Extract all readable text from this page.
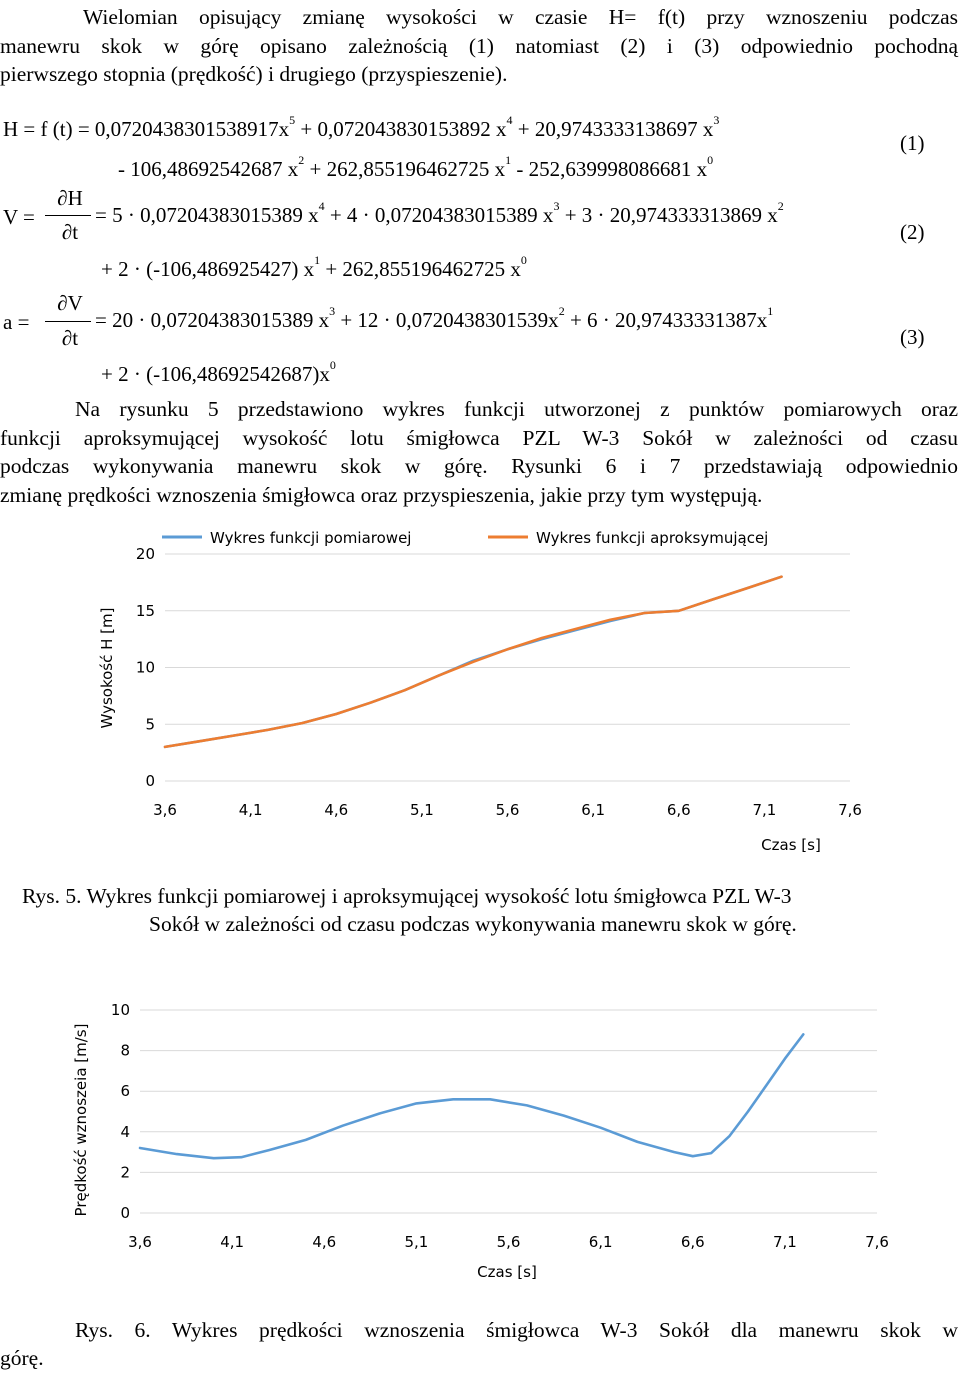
Wielomian opisujący zmianę wysokości w czasie H= f(t) przy wznoszeniu podczas
manewru skok w górę opisano zależnością (1) natomiast (2) i (3) odpowiednio pochodną
pierwszego stopnia (prędkość) i drugiego (przyspieszenie).
H = f $(t) = 0,0720438301538917x^5 + 0,072043830153892$ $x^4 + 20,9743333138697$ $x^3$
- 106,48692542687 $x^2 + 262,855196462725$ $x^1 - 252,639998086681$ $x^0$
(1)
V =
∂H
∂t
= 5 · 0,07204383015389 $x^4 + 4 \cdot 0,07204383015389$ $x^3 + 3 \cdot 20,974333313869$ $x^2$
+ 2 · (-106,486925427) $x^1 + 262,855196462725$ $x^0$
(2)
a =
∂V
∂t
= 20 · 0,07204383015389 $x^3 + 12 \cdot 0,0720438301539x^2 + 6 \cdot 20,97433331387x^1$
+ $2 \cdot (-106,48692542687)x^0$
(3)
Na rysunku 5 przedstawiono wykres funkcji utworzonej z punktów pomiarowych oraz
funkcji aproksymującej wysokość lotu śmigłowca PZL W-3 Sokół w zależności od czasu
podczas wykonywania manewru skok w górę. Rysunki 6 i 7 przedstawiają odpowiednio
zmianę prędkości wznoszenia śmigłowca oraz przyspieszenia, jakie przy tym występują.
0
5
10
15
20
3,6	4,1	4,6	5,1	5,6	6,1	6,6	7,1	7,6
Czas [s]
Wysokość H [m]
Wykres funkcji pomiarowej	Wykres funkcji aproksymującej
Rys. 5. Wykres funkcji pomiarowej i aproksymującej wysokość lotu śmigłowca PZL W-3
Sokół w zależności od czasu podczas wykonywania manewru skok w górę.
0
2
4
6
8
10
3,6	4,1	4,6	5,1	5,6	6,1	6,6	7,1	7,6
Czas [s]
Prędkość wznoszeia [m/s]
Rys. 6. Wykres prędkości wznoszenia śmigłowca W-3 Sokół dla manewru skok w
górę.
